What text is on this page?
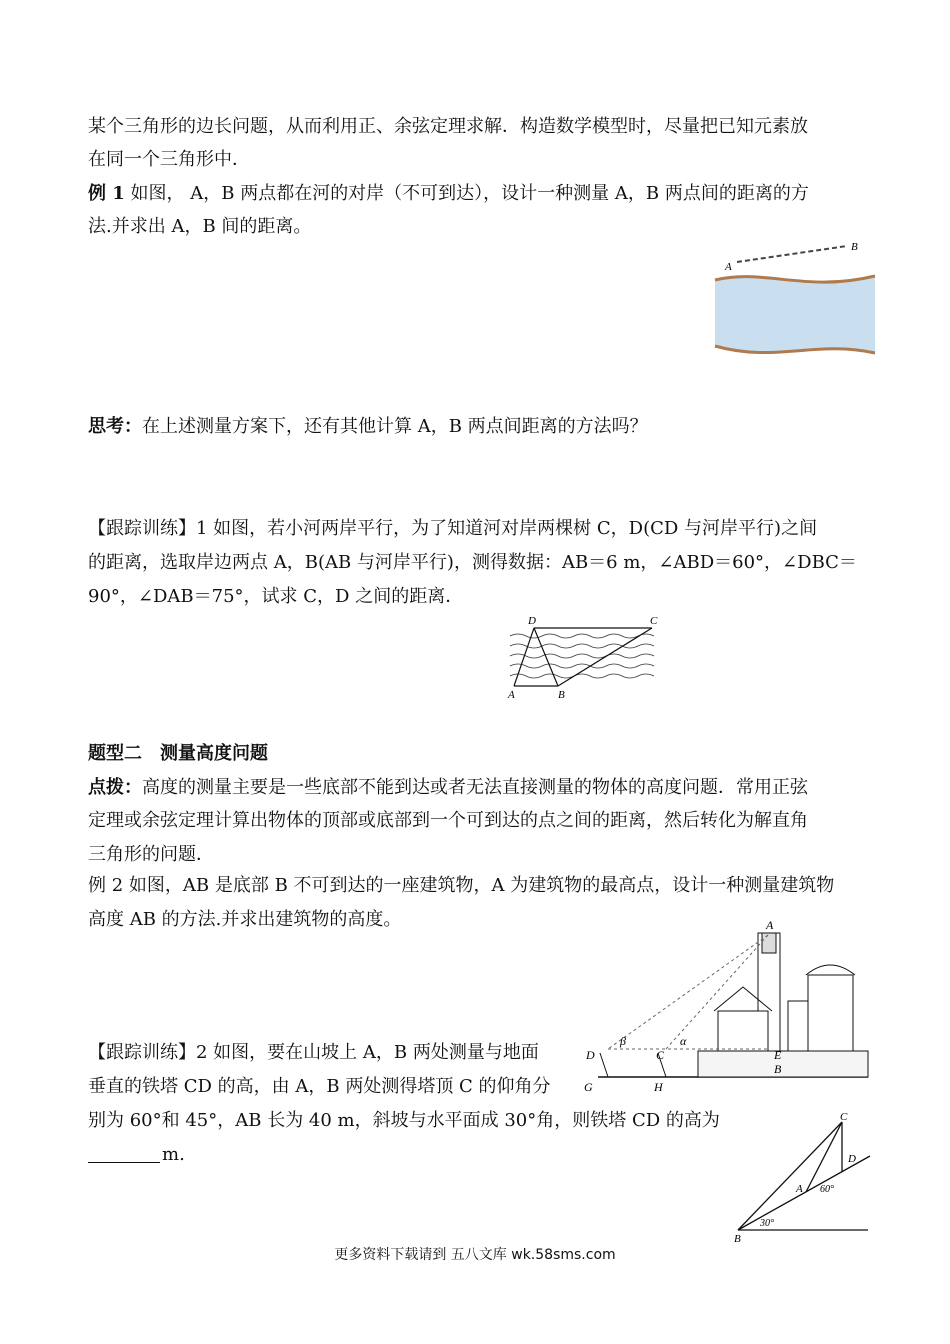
某个三角形的边长问题，从而利用正、余弦定理求解．构造数学模型时，尽量把已知元素放
在同一个三角形中．
例 1 如图， A，B 两点都在河的对岸（不可到达），设计一种测量 A，B 两点间的距离的方
法.并求出 A，B 间的距离。
A
B
思考：在上述测量方案下，还有其他计算 A，B 两点间距离的方法吗？
【跟踪训练】1 如图，若小河两岸平行，为了知道河对岸两棵树 C，D(CD 与河岸平行)之间
的距离，选取岸边两点 A，B(AB 与河岸平行)，测得数据：AB＝6 m，∠ABD＝60°，∠DBC＝
90°，∠DAB＝75°，试求 C，D 之间的距离．
D	C
A	B
题型二　测量高度问题
点拨：高度的测量主要是一些底部不能到达或者无法直接测量的物体的高度问题．常用正弦
定理或余弦定理计算出物体的顶部或底部到一个可到达的点之间的距离，然后转化为解直角
三角形的问题．
例 2 如图，AB 是底部 B 不可到达的一座建筑物，A 为建筑物的最高点，设计一种测量建筑物
高度 AB 的方法.并求出建筑物的高度。	A
B
E
C
D
G	H
α
β
【跟踪训练】2 如图，要在山坡上 A，B 两处测量与地面
垂直的铁塔 CD 的高，由 A，B 两处测得塔顶 C 的仰角分
别为 60°和 45°，AB 长为 40 m，斜坡与水平面成 30°角，则铁塔 CD 的高为
m.
C
D
A
B
60°
30°
更多资料下载请到 五八文库 wk.58sms.com
